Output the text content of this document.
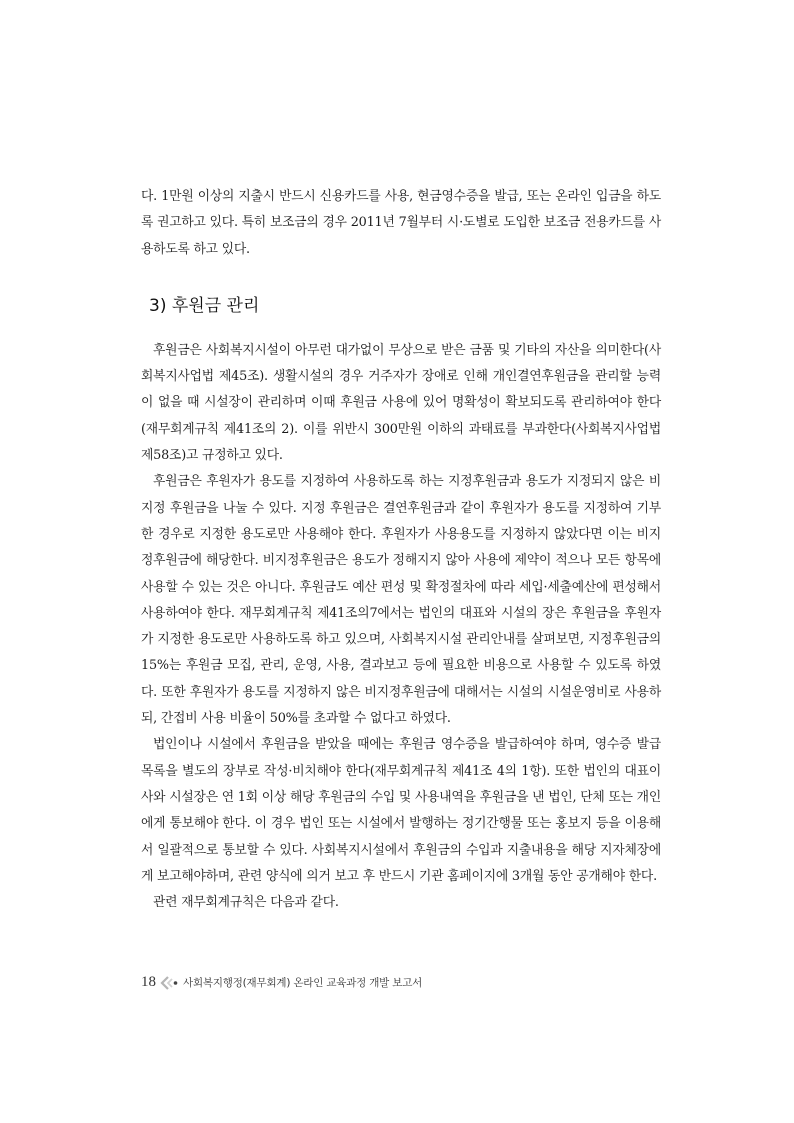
다. 1만원 이상의 지출시 반드시 신용카드를 사용, 현금영수증을 발급, 또는 온라인 입금을 하도록 권고하고 있다. 특히 보조금의 경우 2011년 7월부터 시·도별로 도입한 보조금 전용카드를 사용하도록 하고 있다.

3) 후원금 관리

후원금은 사회복지시설이 아무런 대가없이 무상으로 받은 금품 및 기타의 자산을 의미한다(사회복지사업법 제45조). 생활시설의 경우 거주자가 장애로 인해 개인결연후원금을 관리할 능력이 없을 때 시설장이 관리하며 이때 후원금 사용에 있어 명확성이 확보되도록 관리하여야 한다(재무회계규칙 제41조의 2). 이를 위반시 300만원 이하의 과태료를 부과한다(사회복지사업법 제58조)고 규정하고 있다.

후원금은 후원자가 용도를 지정하여 사용하도록 하는 지정후원금과 용도가 지정되지 않은 비지정 후원금을 나눌 수 있다. 지정 후원금은 결연후원금과 같이 후원자가 용도를 지정하여 기부한 경우로 지정한 용도로만 사용해야 한다. 후원자가 사용용도를 지정하지 않았다면 이는 비지정후원금에 해당한다. 비지정후원금은 용도가 정해지지 않아 사용에 제약이 적으나 모든 항목에 사용할 수 있는 것은 아니다. 후원금도 예산 편성 및 확정절차에 따라 세입·세출예산에 편성해서 사용하여야 한다. 재무회계규칙 제41조의7에서는 법인의 대표와 시설의 장은 후원금을 후원자가 지정한 용도로만 사용하도록 하고 있으며, 사회복지시설 관리안내를 살펴보면, 지정후원금의 15%는 후원금 모집, 관리, 운영, 사용, 결과보고 등에 필요한 비용으로 사용할 수 있도록 하였다. 또한 후원자가 용도를 지정하지 않은 비지정후원금에 대해서는 시설의 시설운영비로 사용하되, 간접비 사용 비율이 50%를 초과할 수 없다고 하였다.

법인이나 시설에서 후원금을 받았을 때에는 후원금 영수증을 발급하여야 하며, 영수증 발급 목록을 별도의 장부로 작성·비치해야 한다(재무회계규칙 제41조 4의 1항). 또한 법인의 대표이사와 시설장은 연 1회 이상 해당 후원금의 수입 및 사용내역을 후원금을 낸 법인, 단체 또는 개인에게 통보해야 한다. 이 경우 법인 또는 시설에서 발행하는 정기간행물 또는 홍보지 등을 이용해서 일괄적으로 통보할 수 있다. 사회복지시설에서 후원금의 수입과 지출내용을 해당 지자체장에게 보고해야하며, 관련 양식에 의거 보고 후 반드시 기관 홈페이지에 3개월 동안 공개해야 한다.

관련 재무회계규칙은 다음과 같다.

18	사회복지행정(재무회계) 온라인 교육과정 개발 보고서
